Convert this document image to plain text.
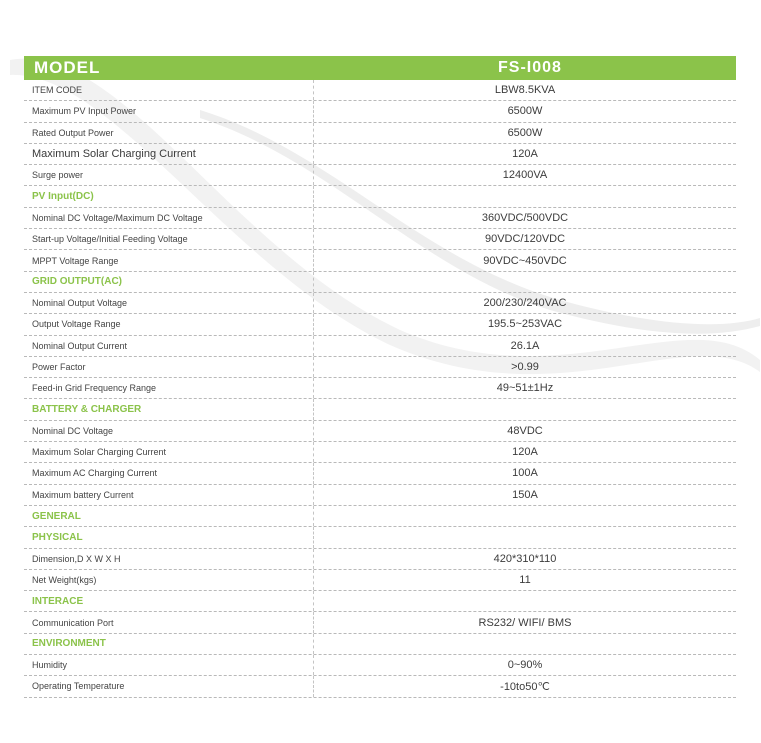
MODEL	FS-I008
ITEM CODE	LBW8.5KVA
Maximum PV Input Power	6500W
Rated Output Power	6500W
Maximum Solar Charging Current	120A
Surge power	12400VA
PV Input(DC)
Nominal DC Voltage/Maximum DC Voltage	360VDC/500VDC
Start-up Voltage/Initial Feeding Voltage	90VDC/120VDC
MPPT Voltage Range	90VDC~450VDC
GRID OUTPUT(AC)
Nominal Output Voltage	200/230/240VAC
Output Voltage Range	195.5~253VAC
Nominal Output Current	26.1A
Power Factor	>0.99
Feed-in Grid Frequency Range	49~51±1Hz
BATTERY & CHARGER
Nominal DC Voltage	48VDC
Maximum Solar Charging Current	120A
Maximum AC Charging Current	100A
Maximum battery Current	150A
GENERAL
PHYSICAL
Dimension,D X W X H	420*310*110
Net Weight(kgs)	11
INTERACE
Communication Port	RS232/ WIFI/ BMS
ENVIRONMENT
Humidity	0~90%
Operating Temperature	-10to50℃
